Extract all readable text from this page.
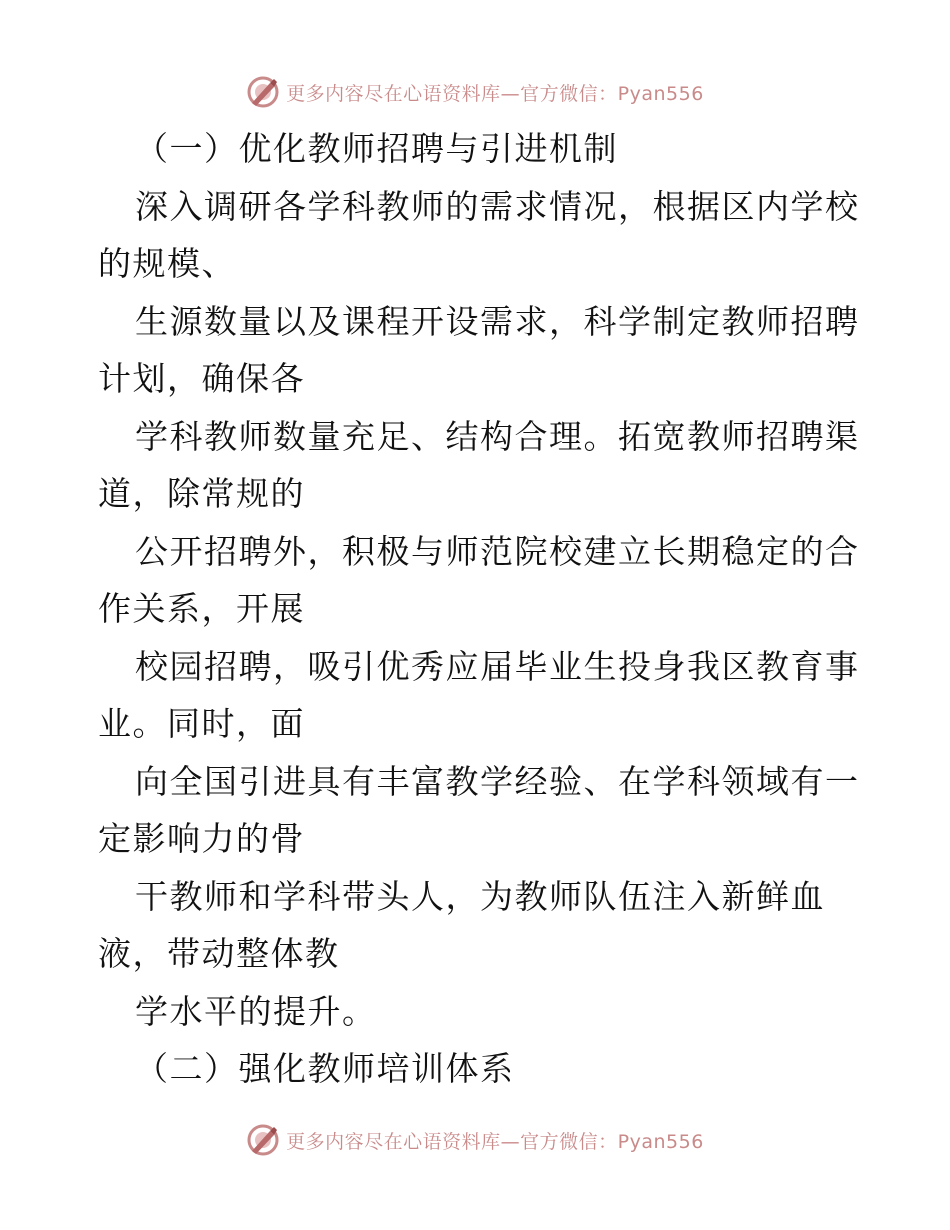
更多内容尽在心语资料库—官方微信：Pyan556
（一）优化教师招聘与引进机制
深入调研各学科教师的需求情况，根据区内学校
的规模、
生源数量以及课程开设需求，科学制定教师招聘
计划，确保各
学科教师数量充足、结构合理。拓宽教师招聘渠
道，除常规的
公开招聘外，积极与师范院校建立长期稳定的合
作关系，开展
校园招聘，吸引优秀应届毕业生投身我区教育事
业。同时，面
向全国引进具有丰富教学经验、在学科领域有一
定影响力的骨
干教师和学科带头人，为教师队伍注入新鲜血
液，带动整体教
学水平的提升。
（二）强化教师培训体系
更多内容尽在心语资料库—官方微信：Pyan556
